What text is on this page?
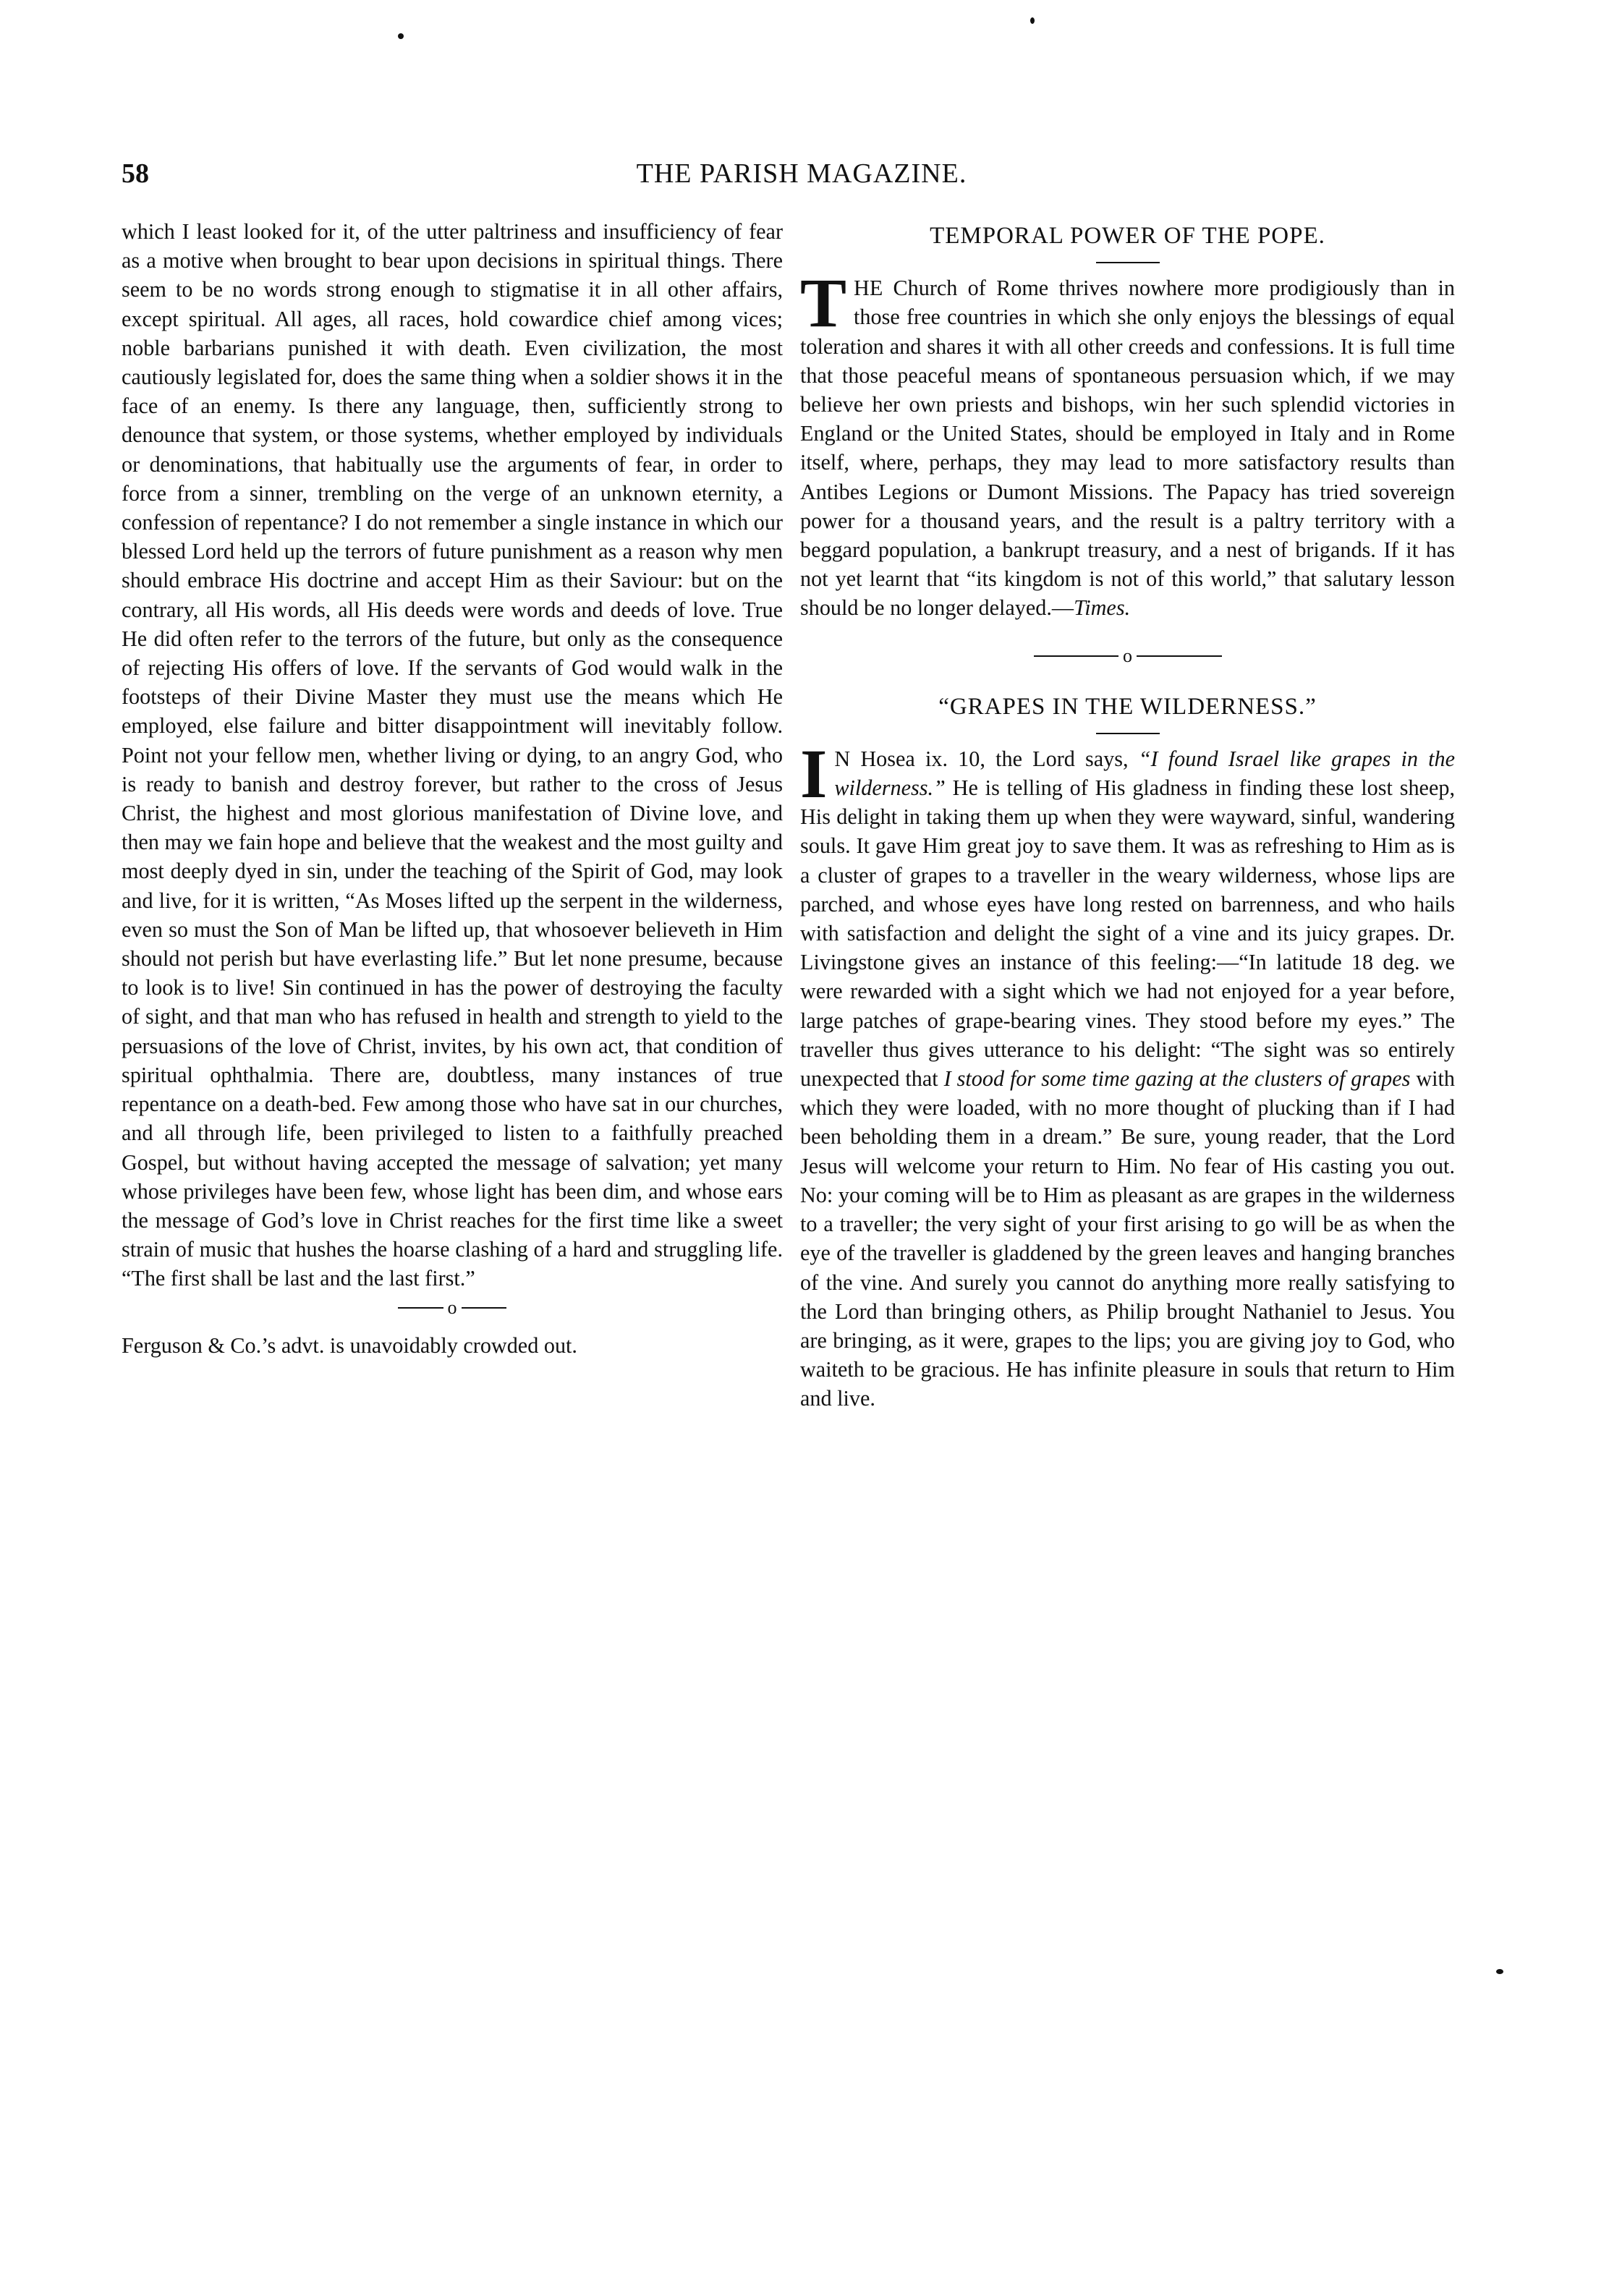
58	THE PARISH MAGAZINE.

which I least looked for it, of the utter paltriness and insufficiency of fear as a motive when brought to bear upon decisions in spiritual things. There seem to be no words strong enough to stigmatise it in all other affairs, except spiritual. All ages, all races, hold cowardice chief among vices; noble barbarians punished it with death. Even civilization, the most cautiously legislated for, does the same thing when a soldier shows it in the face of an enemy. Is there any language, then, sufficiently strong to denounce that system, or those systems, whether employed by individuals or denominations, that habitually use the arguments of fear, in order to force from a sinner, trembling on the verge of an unknown eternity, a confession of repentance? I do not remember a single instance in which our blessed Lord held up the terrors of future punishment as a reason why men should embrace His doctrine and accept Him as their Saviour: but on the contrary, all His words, all His deeds were words and deeds of love. True He did often refer to the terrors of the future, but only as the consequence of rejecting His offers of love. If the servants of God would walk in the footsteps of their Divine Master they must use the means which He employed, else failure and bitter disappointment will inevitably follow. Point not your fellow men, whether living or dying, to an angry God, who is ready to banish and destroy forever, but rather to the cross of Jesus Christ, the highest and most glorious manifestation of Divine love, and then may we fain hope and believe that the weakest and the most guilty and most deeply dyed in sin, under the teaching of the Spirit of God, may look and live, for it is written, “As Moses lifted up the serpent in the wilderness, even so must the Son of Man be lifted up, that whosoever believeth in Him should not perish but have everlasting life.” But let none presume, because to look is to live! Sin continued in has the power of destroying the faculty of sight, and that man who has refused in health and strength to yield to the persuasions of the love of Christ, invites, by his own act, that condition of spiritual ophthalmia. There are, doubtless, many instances of true repentance on a death-bed. Few among those who have sat in our churches, and all through life, been privileged to listen to a faithfully preached Gospel, but without having accepted the message of salvation; yet many whose privileges have been few, whose light has been dim, and whose ears the message of God’s love in Christ reaches for the first time like a sweet strain of music that hushes the hoarse clashing of a hard and struggling life. “The first shall be last and the last first.”

o

Ferguson & Co.’s advt. is unavoidably crowded out.

TEMPORAL POWER OF THE POPE.

THE Church of Rome thrives nowhere more prodigiously than in those free countries in which she only enjoys the blessings of equal toleration and shares it with all other creeds and confessions. It is full time that those peaceful means of spontaneous persuasion which, if we may believe her own priests and bishops, win her such splendid victories in England or the United States, should be employed in Italy and in Rome itself, where, perhaps, they may lead to more satisfactory results than Antibes Legions or Dumont Missions. The Papacy has tried sovereign power for a thousand years, and the result is a paltry territory with a beggard population, a bankrupt treasury, and a nest of brigands. If it has not yet learnt that “its kingdom is not of this world,” that salutary lesson should be no longer delayed.—Times.

o
“GRAPES IN THE WILDERNESS.”

I N Hosea ix. 10, the Lord says, “I found Israel like grapes in the wilderness.” He is telling of His gladness in finding these lost sheep, His delight in taking them up when they were wayward, sinful, wandering souls. It gave Him great joy to save them. It was as refreshing to Him as is a cluster of grapes to a traveller in the weary wilderness, whose lips are parched, and whose eyes have long rested on barrenness, and who hails with satisfaction and delight the sight of a vine and its juicy grapes. Dr. Livingstone gives an instance of this feeling:—“In latitude 18 deg. we were rewarded with a sight which we had not enjoyed for a year before, large patches of grape-bearing vines. They stood before my eyes.” The traveller thus gives utterance to his delight: “The sight was so entirely unexpected that I stood for some time gazing at the clusters of grapes with which they were loaded, with no more thought of plucking than if I had been beholding them in a dream.” Be sure, young reader, that the Lord Jesus will welcome your return to Him. No fear of His casting you out. No: your coming will be to Him as pleasant as are grapes in the wilderness to a traveller; the very sight of your first arising to go will be as when the eye of the traveller is gladdened by the green leaves and hanging branches of the vine. And surely you cannot do anything more really satisfying to the Lord than bringing others, as Philip brought Nathaniel to Jesus. You are bringing, as it were, grapes to the lips; you are giving joy to God, who waiteth to be gracious. He has infinite pleasure in souls that return to Him and live.
